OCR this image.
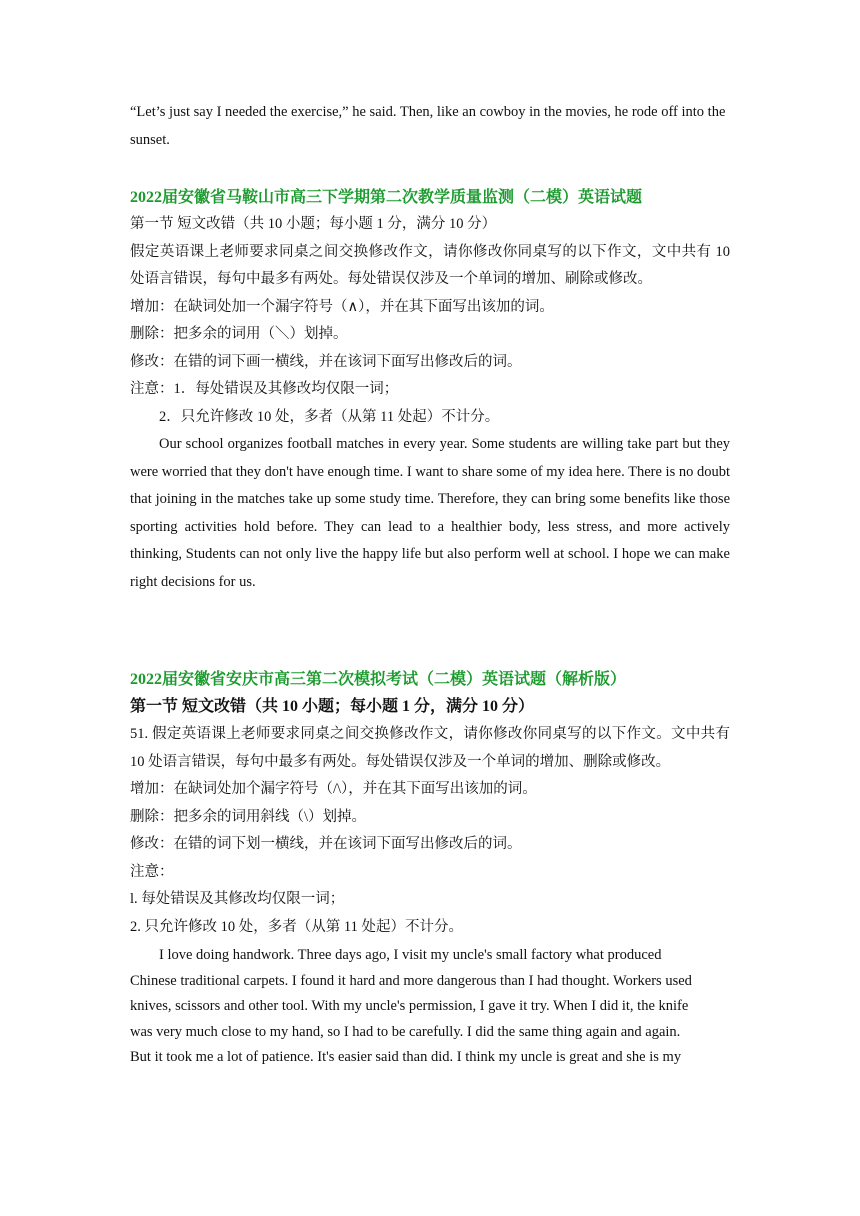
“Let’s just say I needed the exercise,” he said. Then, like an cowboy in the movies, he rode off into the sunset.

2022届安徽省马鞍山市高三下学期第二次教学质量监测（二模）英语试题

第一节 短文改错（共 10 小题；每小题 1 分，满分 10 分）

假定英语课上老师要求同桌之间交换修改作文，请你修改你同桌写的以下作文，文中共有 10 处语言错误，每句中最多有两处。每处错误仅涉及一个单词的增加、刷除或修改。

增加：在缺词处加一个漏字符号（∧），并在其下面写出该加的词。

删除：把多余的词用（＼）划掉。

修改：在错的词下画一横线，并在该词下面写出修改后的词。

注意：1．每处错误及其修改均仅限一词；

2．只允许修改 10 处，多者（从第 11 处起）不计分。

Our school organizes football matches in every year. Some students are willing take part but they were worried that they don't have enough time. I want to share some of my idea here. There is no doubt that joining in the matches take up some study time. Therefore, they can bring some benefits like those sporting activities hold before. They can lead to a healthier body, less stress, and more actively thinking, Students can not only live the happy life but also perform well at school. I hope we can make right decisions for us.

2022届安徽省安庆市高三第二次模拟考试（二模）英语试题（解析版）

第一节 短文改错（共 10 小题；每小题 1 分，满分 10 分）

51. 假定英语课上老师要求同桌之间交换修改作文，请你修改你同桌写的以下作文。文中共有 10 处语言错误，每句中最多有两处。每处错误仅涉及一个单词的增加、删除或修改。

增加：在缺词处加个漏字符号（/\），并在其下面写出该加的词。

删除：把多余的词用斜线（\）划掉。

修改：在错的词下划一横线，并在该词下面写出修改后的词。

注意：

l. 每处错误及其修改均仅限一词；

2. 只允许修改 10 处，多者（从第 11 处起）不计分。

I love doing handwork. Three days ago, I visit my uncle's small factory what produced

Chinese traditional carpets. I found it hard and more dangerous than I had thought. Workers used

knives, scissors and other tool. With my uncle's permission, I gave it try. When I did it, the knife

was very much close to my hand, so I had to be carefully. I did the same thing again and again.

But it took me a lot of patience. It's easier said than did. I think my uncle is great and she is my
